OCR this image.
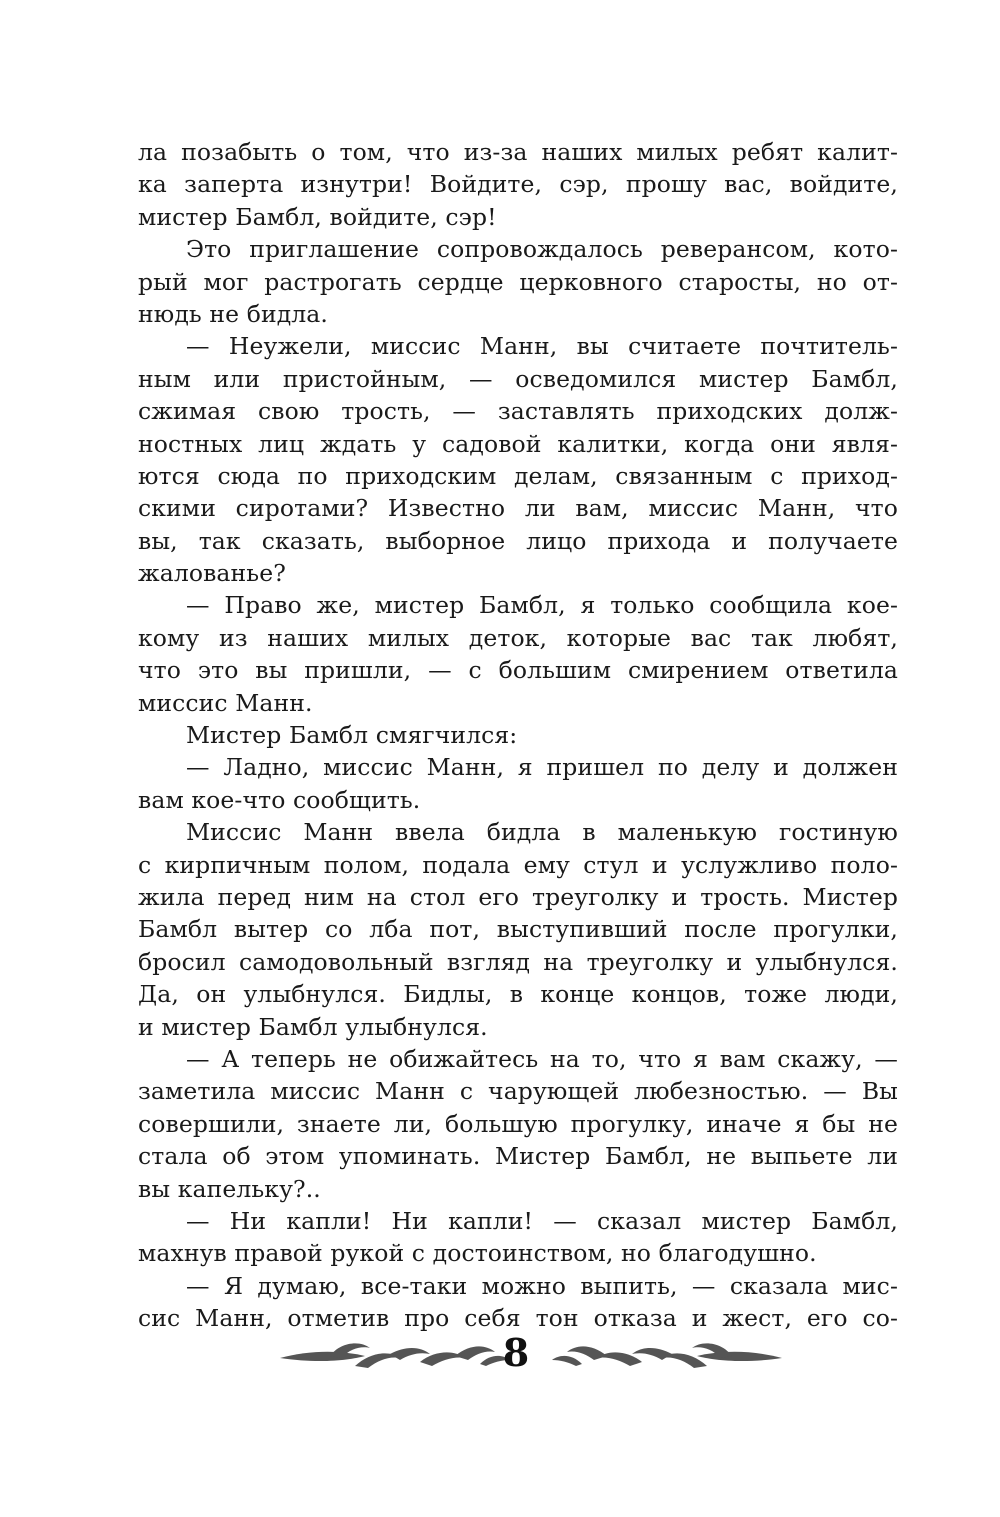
ла позабыть о том, что из-за наших милых ребят калит-
ка заперта изнутри! Войдите, сэр, прошу вас, войдите,
мистер Бамбл, войдите, сэр!
Это приглашение сопровождалось реверансом, кото-
рый мог растрогать сердце церковного старосты, но от-
нюдь не бидла.
— Неужели, миссис Манн, вы считаете почтитель-
ным или пристойным, — осведомился мистер Бамбл,
сжимая свою трость, — заставлять приходских долж-
ностных лиц ждать у садовой калитки, когда они явля-
ются сюда по приходским делам, связанным с приход-
скими сиротами? Известно ли вам, миссис Манн, что
вы, так сказать, выборное лицо прихода и получаете
жалованье?
— Право же, мистер Бамбл, я только сообщила кое-
кому из наших милых деток, которые вас так любят,
что это вы пришли, — с большим смирением ответила
миссис Манн.
Мистер Бамбл смягчился:
— Ладно, миссис Манн, я пришел по делу и должен
вам кое-что сообщить.
Миссис Манн ввела бидла в маленькую гостиную
с кирпичным полом, подала ему стул и услужливо поло-
жила перед ним на стол его треуголку и трость. Мистер
Бамбл вытер со лба пот, выступивший после прогулки,
бросил самодовольный взгляд на треуголку и улыбнулся.
Да, он улыбнулся. Бидлы, в конце концов, тоже люди,
и мистер Бамбл улыбнулся.
— А теперь не обижайтесь на то, что я вам скажу, —
заметила миссис Манн с чарующей любезностью. — Вы
совершили, знаете ли, большую прогулку, иначе я бы не
стала об этом упоминать. Мистер Бамбл, не выпьете ли
вы капельку?..
— Ни капли! Ни капли! — сказал мистер Бамбл,
махнув правой рукой с достоинством, но благодушно.
— Я думаю, все-таки можно выпить, — сказала мис-
сис Манн, отметив про себя тон отказа и жест, его со-
8
